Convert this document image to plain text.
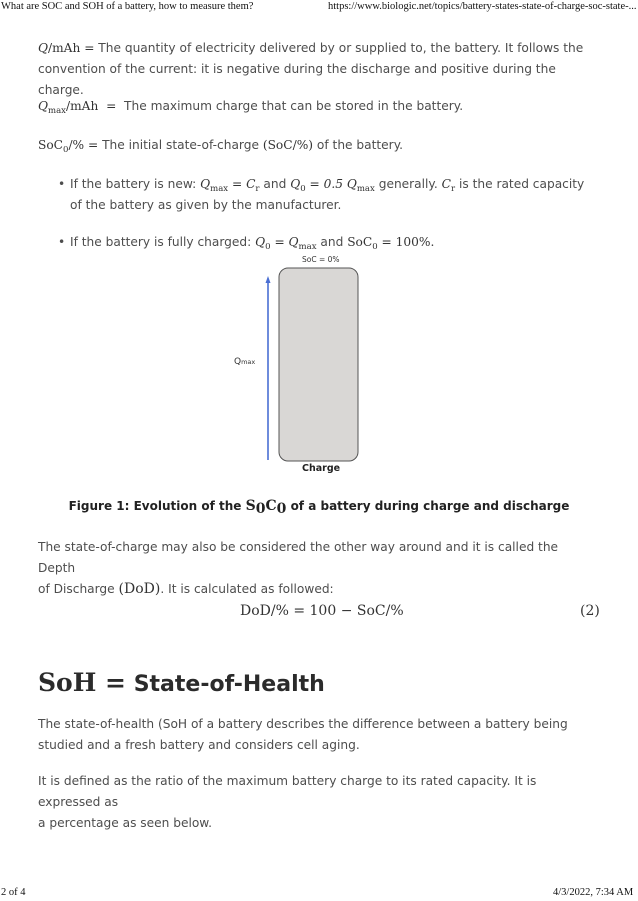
What are SOC and SOH of a battery, how to measure them?	https://www.biologic.net/topics/battery-states-state-of-charge-soc-state-...

Q/mAh = The quantity of electricity delivered by or supplied to, the battery. It follows the

convention of the current: it is negative during the discharge and positive during the charge.

$Q_{max}$/mAh = The maximum charge that can be stored in the battery.

SoC$_0$/% = The initial state-of-charge (SoC/%) of the battery.

• If the battery is new: $Q_{max} = C_r$ and $Q_0 = 0.5$ $Q_{max}$ generally. $C_r$ is the rated capacity
of the battery as given by the manufacturer.
• If the battery is fully charged: $Q_0 = Q_{max}$ and SoC$_0$ = 100%.
SoC = 0%
Qmax
Charge
Figure 1: Evolution of the $S_0C_0$ of a battery during charge and discharge

The state-of-charge may also be considered the other way around and it is called the Depth

of Discharge (DoD). It is calculated as followed:

DoD/% = 100 − SoC/%	(2)
SoH = State-of-Health

The state-of-health (SoH of a battery describes the difference between a battery being

studied and a fresh battery and considers cell aging.

It is defined as the ratio of the maximum battery charge to its rated capacity. It is expressed as

a percentage as seen below.

2 of 4	4/3/2022, 7:34 AM
